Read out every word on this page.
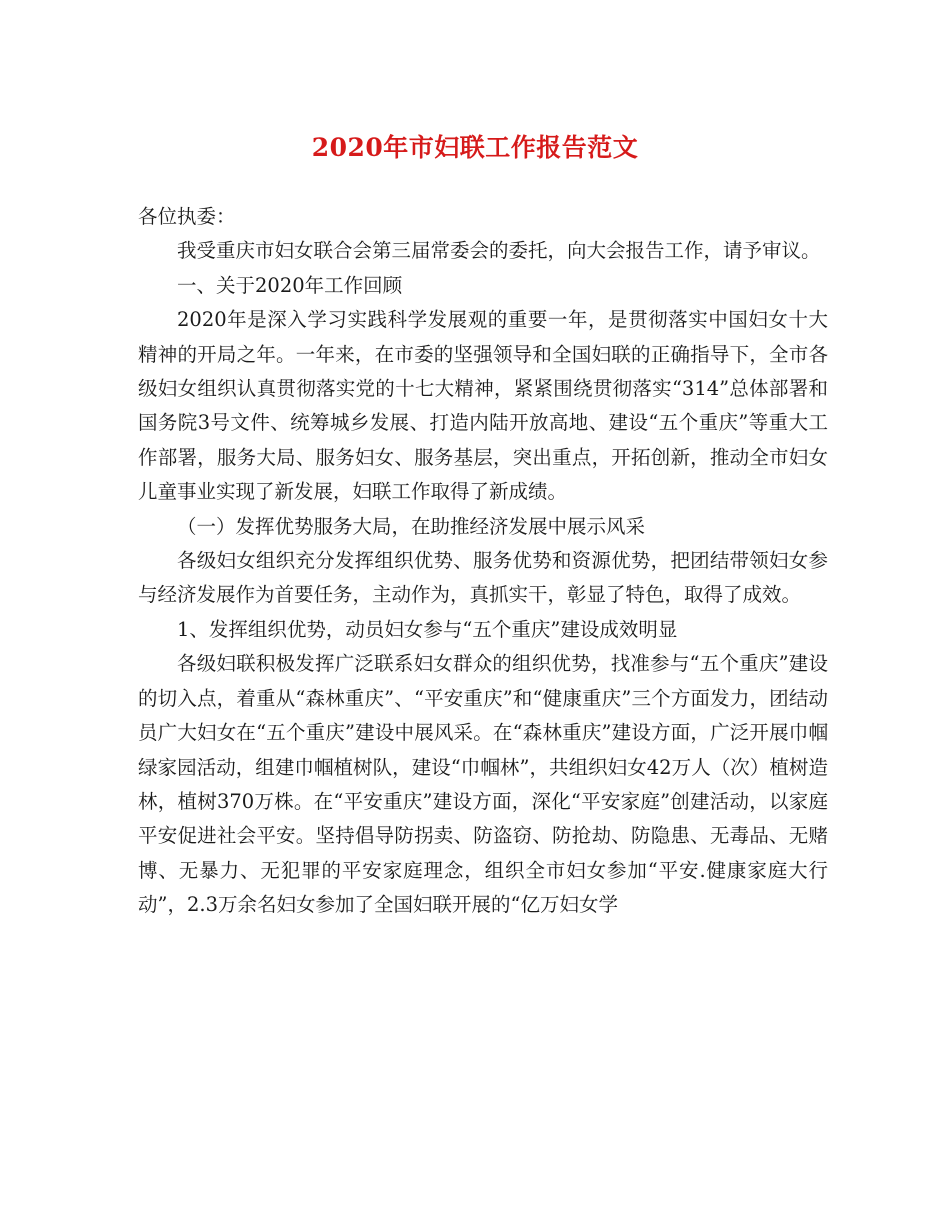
2020年市妇联工作报告范文

各位执委：

我受重庆市妇女联合会第三届常委会的委托，向大会报告工作，请予审议。

一、关于2020年工作回顾

2020年是深入学习实践科学发展观的重要一年，是贯彻落实中国妇女十大精神的开局之年。一年来，在市委的坚强领导和全国妇联的正确指导下，全市各级妇女组织认真贯彻落实党的十七大精神，紧紧围绕贯彻落实“314”总体部署和国务院3号文件、统筹城乡发展、打造内陆开放高地、建设“五个重庆”等重大工作部署，服务大局、服务妇女、服务基层，突出重点，开拓创新，推动全市妇女儿童事业实现了新发展，妇联工作取得了新成绩。

（一）发挥优势服务大局，在助推经济发展中展示风采

各级妇女组织充分发挥组织优势、服务优势和资源优势，把团结带领妇女参与经济发展作为首要任务，主动作为，真抓实干，彰显了特色，取得了成效。

1、发挥组织优势，动员妇女参与“五个重庆”建设成效明显

各级妇联积极发挥广泛联系妇女群众的组织优势，找准参与“五个重庆”建设的切入点，着重从“森林重庆”、“平安重庆”和“健康重庆”三个方面发力，团结动员广大妇女在“五个重庆”建设中展风采。在“森林重庆”建设方面，广泛开展巾帼绿家园活动，组建巾帼植树队，建设“巾帼林”，共组织妇女42万人（次）植树造林，植树370万株。在“平安重庆”建设方面，深化“平安家庭”创建活动，以家庭平安促进社会平安。坚持倡导防拐卖、防盗窃、防抢劫、防隐患、无毒品、无赌博、无暴力、无犯罪的平安家庭理念，组织全市妇女参加“平安.健康家庭大行动”，2.3万余名妇女参加了全国妇联开展的“亿万妇女学
